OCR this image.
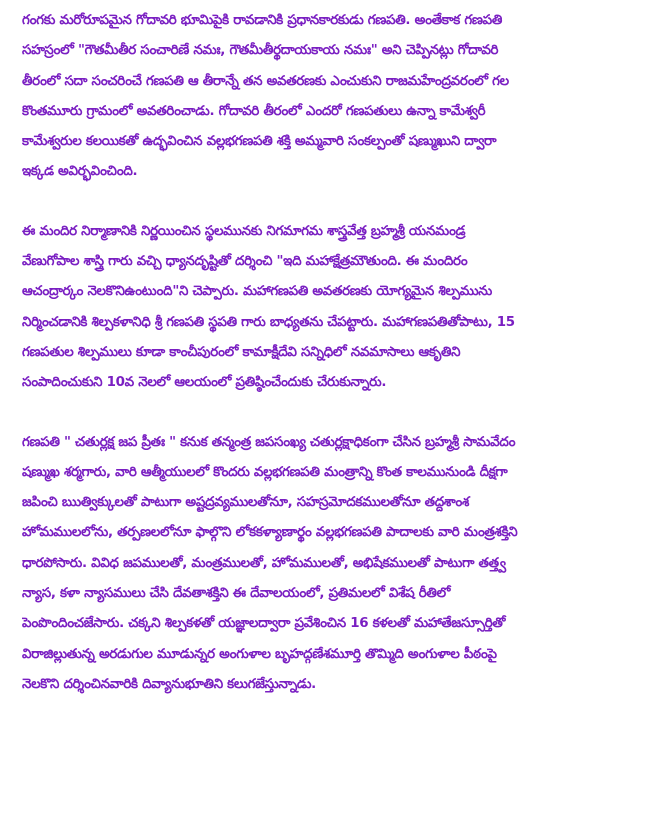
గంగకు మరోరూపమైన గోదావరి భూమిపైకి రావడానికి ప్రధానకారకుడు గణపతి. అంతేకాక గణపతి
సహస్రంలో "గౌతమీతీర సంచారిణే నమః, గౌతమీతీర్థదాయకాయ నమః" అని చెప్పినట్లు గోదావరి
తీరంలో సదా సంచరించే గణపతి ఆ తీరాన్నే తన అవతరణకు ఎంచుకుని రాజమహేంద్రవరంలో గల
కొంతమూరు గ్రామంలో అవతరించాడు. గోదావరి తీరంలో ఎందరో గణపతులు ఉన్నా కామేశ్వరీ
కామేశ్వరుల కలయికతో ఉద్భవించిన వల్లభగణపతి శక్తి అమ్మవారి సంకల్పంతో షణ్ముఖుని ద్వారా
ఇక్కడ అవిర్భవించింది.
ఈ మందిర నిర్మాణానికి నిర్ణయించిన స్థలమునకు నిగమాగమ శాస్త్రవేత్త బ్రహ్మశ్రీ యనమండ్ర
వేణుగోపాల శాస్త్రి గారు వచ్చి ధ్యానదృష్టితో దర్శించి "ఇది మహాక్షేత్రమౌతుంది. ఈ మందిరం
ఆచంద్రార్కం నెలకొనిఉంటుంది"ని చెప్పారు. మహాగణపతి అవతరణకు యోగ్యమైన శిల్పమును
నిర్మించడానికి శిల్పకళానిధి శ్రీ గణపతి స్థపతి గారు బాధ్యతను చేపట్టారు. మహాగణపతితోపాటు, 15
గణపతుల శిల్పములు కూడా కాంచీపురంలో కామాక్షీదేవి సన్నిధిలో నవమాసాలు ఆకృతిని
సంపాదించుకుని 10వ నెలలో ఆలయంలో ప్రతిష్ఠించేందుకు చేరుకున్నారు.
గణపతి " చతుర్లక్ష జప ప్రీతః " కనుక తన్మంత్ర జపసంఖ్య చతుర్లక్షాధికంగా చేసిన బ్రహ్మశ్రీ సామవేదం
షణ్ముఖ శర్మగారు, వారి ఆత్మీయులలో కొందరు వల్లభగణపతి మంత్రాన్ని కొంత కాలమునుండి దీక్షగా
జపించి ఋత్విక్కులతో పాటుగా అష్టద్రవ్యములతోనూ, సహస్రమోదకములతోనూ తద్దశాంశ
హోమములలోను, తర్పణలలోనూ ఫాల్గొని లోకకళ్యాణార్థం వల్లభగణపతి పాదాలకు వారి మంత్రశక్తిని
ధారపోసారు. వివిధ జపములతో, మంత్రములతో, హోమములతో, అభిషేకములతో పాటుగా తత్త్వ
న్యాస, కళా న్యాసములు చేసి దేవతాశక్తిని ఈ దేవాలయంలో, ప్రతిమలలో విశేష రీతిలో
పెంపొందించజేసారు. చక్కని శిల్పకళతో యజ్ఞాలద్వారా ప్రవేశించిన 16 కళలతో మహాతేజస్సూర్తితో
విరాజిల్లుతున్న అరడుగుల మూడున్నర అంగుళాల బృహద్గణేశమూర్తి తొమ్మిది అంగుళాల పీఠంపై
నెలకొని దర్శించినవారికి దివ్యానుభూతిని కలుగజేస్తున్నాడు.
